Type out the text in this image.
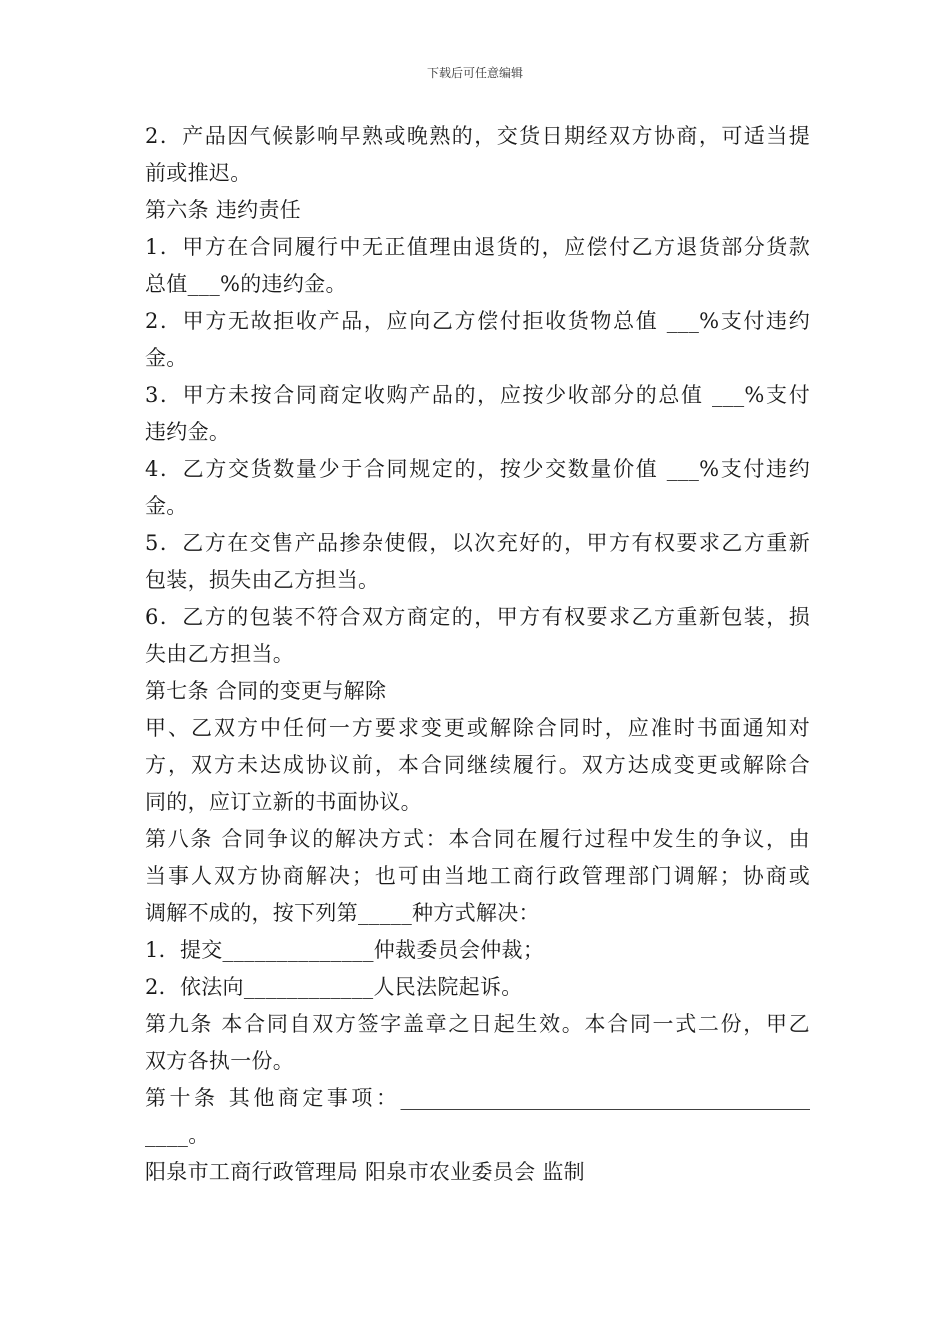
下载后可任意编辑
2．产品因气候影响早熟或晚熟的，交货日期经双方协商，可适当提
前或推迟。
第六条 违约责任
1．甲方在合同履行中无正值理由退货的，应偿付乙方退货部分货款
总值___%的违约金。
2．甲方无故拒收产品，应向乙方偿付拒收货物总值 ___%支付违约
金。
3．甲方未按合同商定收购产品的，应按少收部分的总值 ___%支付
违约金。
4．乙方交货数量少于合同规定的，按少交数量价值 ___%支付违约
金。
5．乙方在交售产品掺杂使假，以次充好的，甲方有权要求乙方重新
包装，损失由乙方担当。
6．乙方的包装不符合双方商定的，甲方有权要求乙方重新包装，损
失由乙方担当。
第七条 合同的变更与解除
甲、乙双方中任何一方要求变更或解除合同时，应准时书面通知对
方，双方未达成协议前，本合同继续履行。双方达成变更或解除合
同的，应订立新的书面协议。
第八条 合同争议的解决方式：本合同在履行过程中发生的争议，由
当事人双方协商解决；也可由当地工商行政管理部门调解；协商或
调解不成的，按下列第_____种方式解决：
1．提交______________仲裁委员会仲裁；
2．依法向____________人民法院起诉。
第九条 本合同自双方签字盖章之日起生效。本合同一式二份，甲乙
双方各执一份。
第十条 其他商定事项：_______________________________________
____。
阳泉市工商行政管理局 阳泉市农业委员会 监制
